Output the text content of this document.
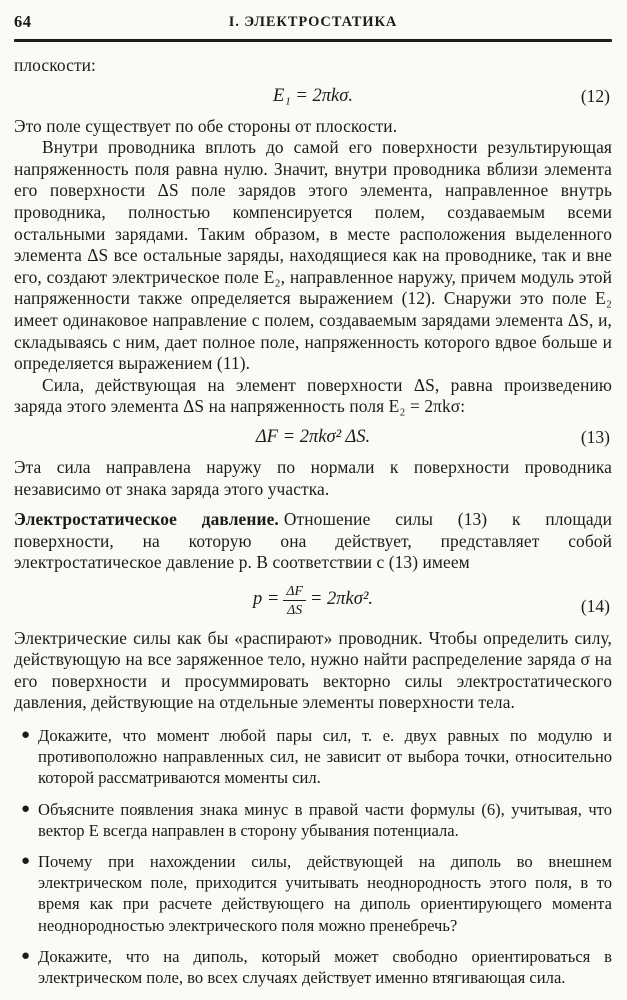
64	I. ЭЛЕКТРОСТАТИКА

плоскости:

E₁ = 2πkσ.	(12)

Это поле существует по обе стороны от плоскости.

Внутри проводника вплоть до самой его поверхности результирующая напряженность поля равна нулю. Значит, внутри проводника вблизи элемента его поверхности ΔS поле зарядов этого элемента, направленное внутрь проводника, полностью компенсируется полем, создаваемым всеми остальными зарядами. Таким образом, в месте расположения выделенного элемента ΔS все остальные заряды, находящиеся как на проводнике, так и вне его, создают электрическое поле E₂, направленное наружу, причем модуль этой напряженности также определяется выражением (12). Снаружи это поле E₂ имеет одинаковое направление с полем, создаваемым зарядами элемента ΔS, и, складываясь с ним, дает полное поле, напряженность которого вдвое больше и определяется выражением (11).

Сила, действующая на элемент поверхности ΔS, равна произведению заряда этого элемента ΔS на напряженность поля E₂ = 2πkσ:

ΔF = 2πkσ² ΔS.	(13)

Эта сила направлена наружу по нормали к поверхности проводника независимо от знака заряда этого участка.

Электростатическое давление. Отношение силы (13) к площади поверхности, на которую она действует, представляет собой электростатическое давление p. В соответствии с (13) имеем

$p = \frac{\Delta F}{\Delta S} = 2\pi k\sigma^2$.	(14)

Электрические силы как бы «распирают» проводник. Чтобы определить силу, действующую на все заряженное тело, нужно найти распределение заряда σ на его поверхности и просуммировать векторно силы электростатического давления, действующие на отдельные элементы поверхности тела.

● Докажите, что момент любой пары сил, т. е. двух равных по модулю и противоположно направленных сил, не зависит от выбора точки, относительно которой рассматриваются моменты сил.
● Объясните появления знака минус в правой части формулы (6), учитывая, что вектор E всегда направлен в сторону убывания потенциала.
● Почему при нахождении силы, действующей на диполь во внешнем электрическом поле, приходится учитывать неоднородность этого поля, в то время как при расчете действующего на диполь ориентирующего момента неоднородностью электрического поля можно пренебречь?
● Докажите, что на диполь, который может свободно ориентироваться в электрическом поле, во всех случаях действует именно втягивающая сила.
